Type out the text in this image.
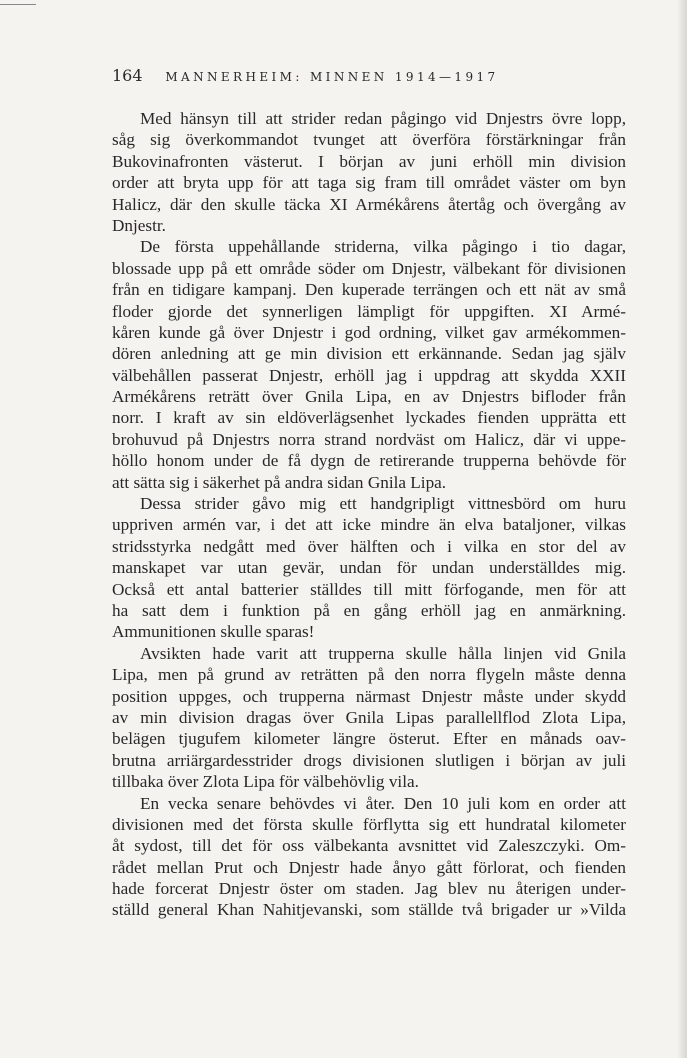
164 MANNERHEIM: MINNEN 1914—1917
Med hänsyn till att strider redan pågingo vid Dnjestrs övre lopp,
såg sig överkommandot tvunget att överföra förstärkningar från
Bukovinafronten västerut. I början av juni erhöll min division
order att bryta upp för att taga sig fram till området väster om byn
Halicz, där den skulle täcka XI Armékårens återtåg och övergång av
Dnjestr.
De första uppehållande striderna, vilka pågingo i tio dagar,
blossade upp på ett område söder om Dnjestr, välbekant för divisionen
från en tidigare kampanj. Den kuperade terrängen och ett nät av små
floder gjorde det synnerligen lämpligt för uppgiften. XI Armé-
kåren kunde gå över Dnjestr i god ordning, vilket gav armékommen-
dören anledning att ge min division ett erkännande. Sedan jag själv
välbehållen passerat Dnjestr, erhöll jag i uppdrag att skydda XXII
Armékårens reträtt över Gnila Lipa, en av Dnjestrs bifloder från
norr. I kraft av sin eldöverlägsenhet lyckades fienden upprätta ett
brohuvud på Dnjestrs norra strand nordväst om Halicz, där vi uppe-
höllo honom under de få dygn de retirerande trupperna behövde för
att sätta sig i säkerhet på andra sidan Gnila Lipa.
Dessa strider gåvo mig ett handgripligt vittnesbörd om huru
uppriven armén var, i det att icke mindre än elva bataljoner, vilkas
stridsstyrka nedgått med över hälften och i vilka en stor del av
manskapet var utan gevär, undan för undan underställdes mig.
Också ett antal batterier ställdes till mitt förfogande, men för att
ha satt dem i funktion på en gång erhöll jag en anmärkning.
Ammunitionen skulle sparas!
Avsikten hade varit att trupperna skulle hålla linjen vid Gnila
Lipa, men på grund av reträtten på den norra flygeln måste denna
position uppges, och trupperna närmast Dnjestr måste under skydd
av min division dragas över Gnila Lipas parallellflod Zlota Lipa,
belägen tjugufem kilometer längre österut. Efter en månads oav-
brutna arriärgardesstrider drogs divisionen slutligen i början av juli
tillbaka över Zlota Lipa för välbehövlig vila.
En vecka senare behövdes vi åter. Den 10 juli kom en order att
divisionen med det första skulle förflytta sig ett hundratal kilometer
åt sydost, till det för oss välbekanta avsnittet vid Zaleszczyki. Om-
rådet mellan Prut och Dnjestr hade ånyo gått förlorat, och fienden
hade forcerat Dnjestr öster om staden. Jag blev nu återigen under-
ställd general Khan Nahitjevanski, som ställde två brigader ur »Vilda
